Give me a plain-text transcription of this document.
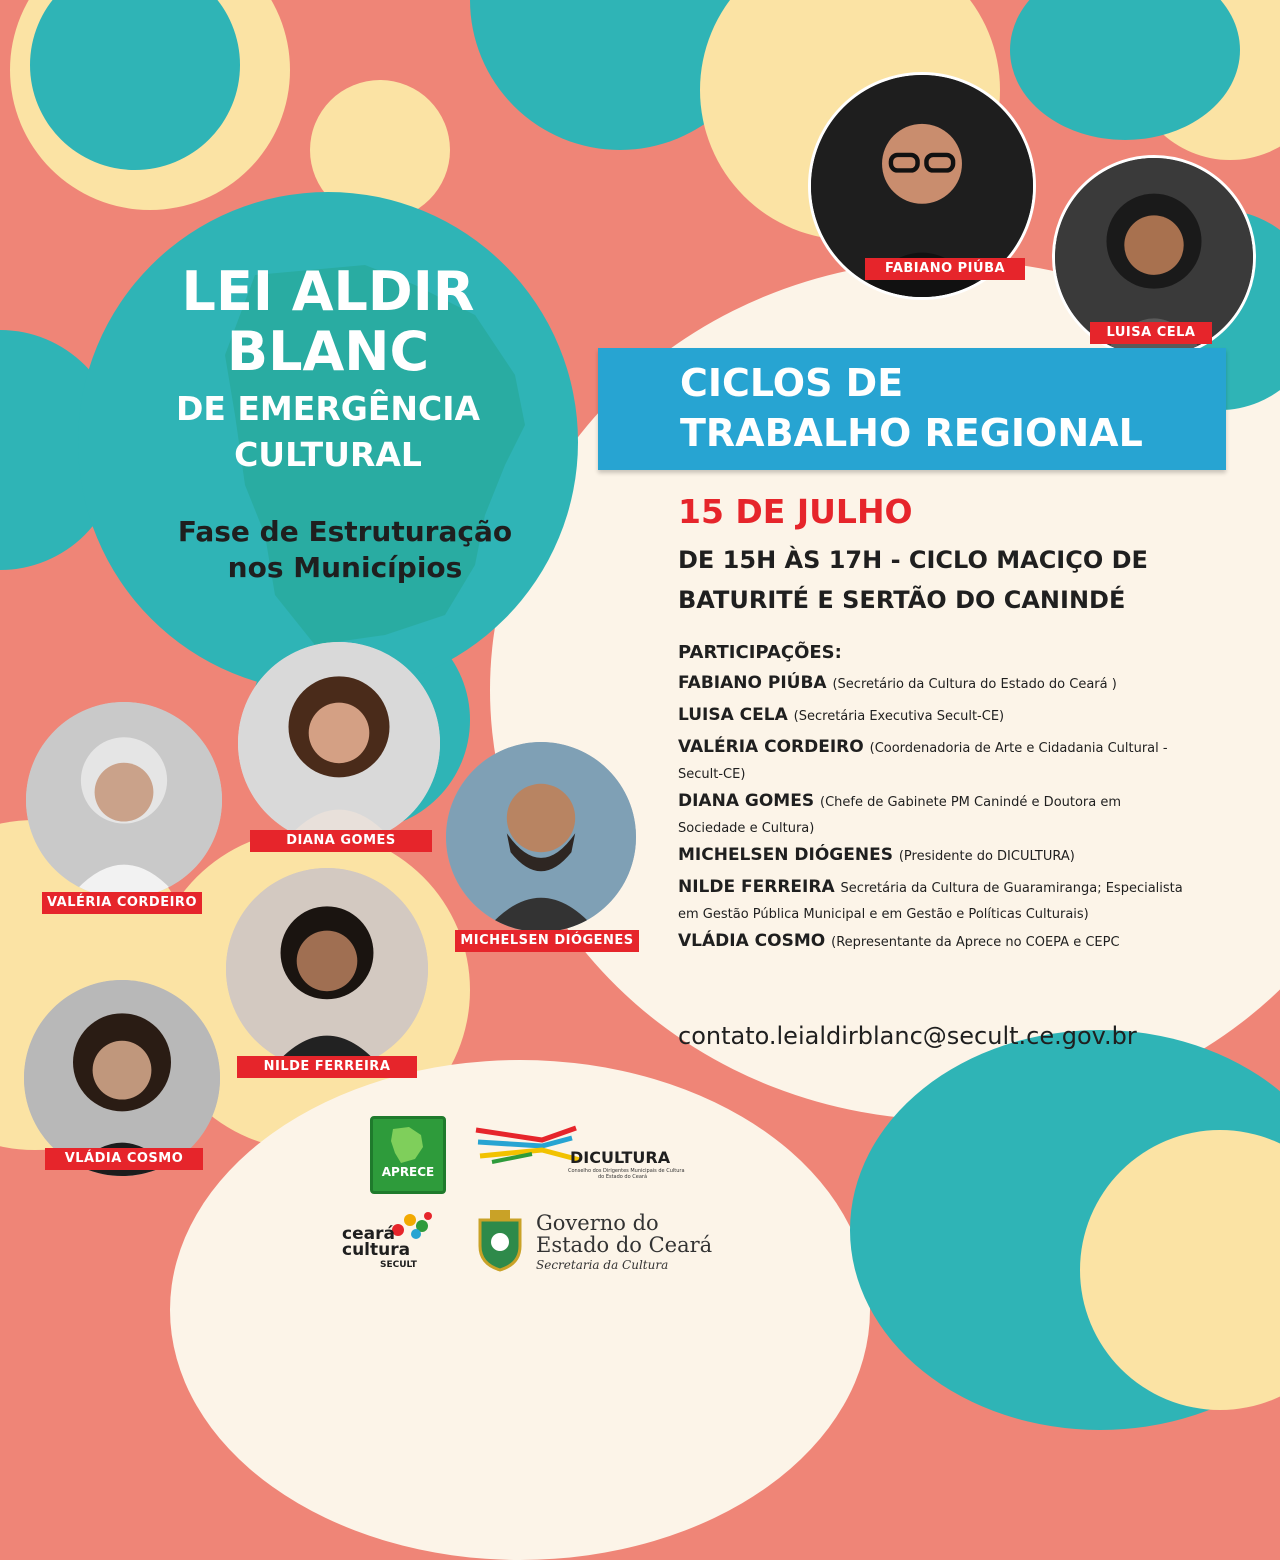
LEI ALDIR
BLANC
DE EMERGÊNCIA
CULTURAL
Fase de Estruturação
nos Municípios
FABIANO PIÚBA
LUISA CELA
CICLOS DE
TRABALHO REGIONAL
15 DE JULHO
DE 15H ÀS 17H - CICLO MACIÇO DE
BATURITÉ E SERTÃO DO CANINDÉ
PARTICIPAÇÕES:
FABIANO PIÚBA (Secretário da Cultura do Estado do Ceará )
LUISA CELA (Secretária Executiva Secult-CE)
VALÉRIA CORDEIRO (Coordenadoria de Arte e Cidadania Cultural -
Secult-CE)
DIANA GOMES (Chefe de Gabinete PM Canindé e Doutora em
Sociedade e Cultura)
MICHELSEN DIÓGENES (Presidente do DICULTURA)
NILDE FERREIRA Secretária da Cultura de Guaramiranga; Especialista
em Gestão Pública Municipal e em Gestão e Políticas Culturais)
VLÁDIA COSMO (Representante da Aprece no COEPA e CEPC
contato.leialdirblanc@secult.ce.gov.br
DIANA GOMES
VALÉRIA CORDEIRO
MICHELSEN DIÓGENES
NILDE FERREIRA
VLÁDIA COSMO
APRECE
DICULTURA
Conselho dos Dirigentes Municipais de Cultura
do Estado do Ceará
ceará
cultura
SECULT
Governo do
Estado do Ceará
Secretaria da Cultura
